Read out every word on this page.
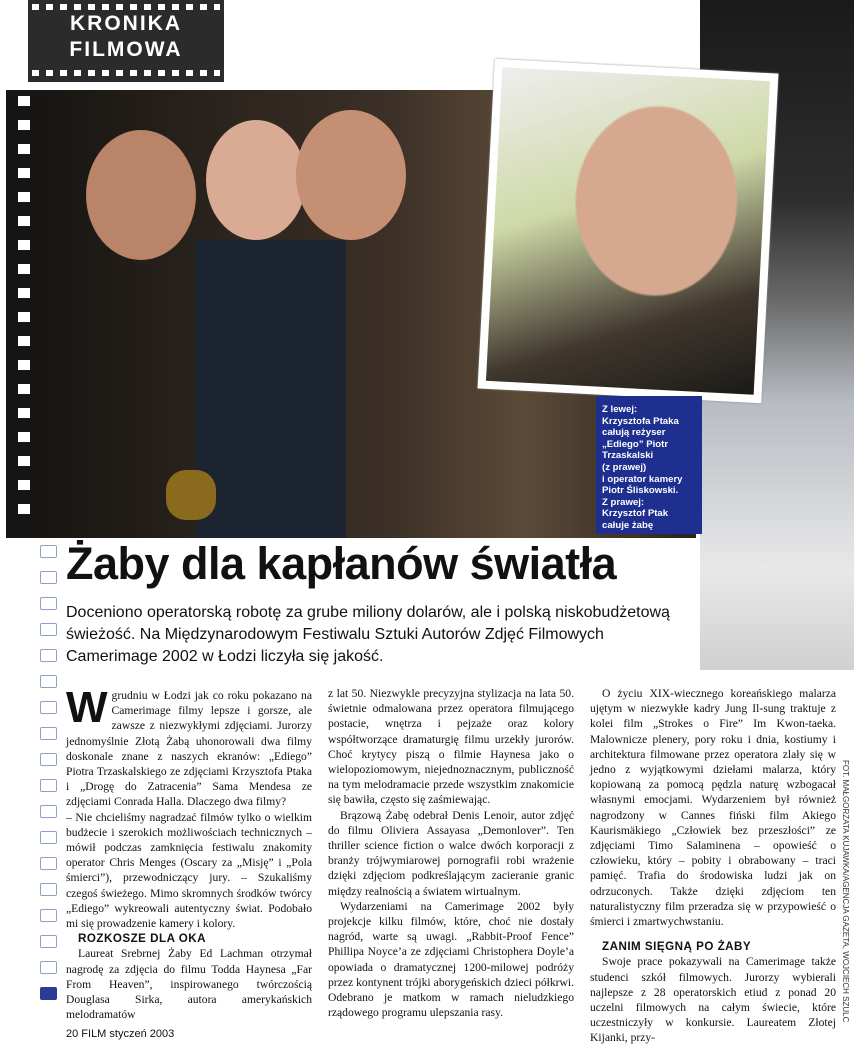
KRONIKA
FILMOWA
Z lewej:
Krzysztofa Ptaka
całują reżyser
„Ediego” Piotr
Trzaskalski
(z prawej)
i operator kamery
Piotr Śliskowski.
Z prawej:
Krzysztof Ptak
całuje żabę
Żaby dla kapłanów światła
Doceniono operatorską robotę za grube miliony dolarów, ale i polską niskobudżetową świeżość. Na Międzynarodowym Festiwalu Sztuki Autorów Zdjęć Filmowych Camerimage 2002 w Łodzi liczyła się jakość.

Wgrudniu w Łodzi jak co roku pokazano na Camerimage filmy lepsze i gorsze, ale zawsze z niezwykłymi zdjęciami. Jurorzy jednomyślnie Złotą Żabą uhonorowali dwa filmy doskonale znane z naszych ekranów: „Ediego” Piotra Trzaskalskiego ze zdjęciami Krzysztofa Ptaka i „Drogę do Zatracenia” Sama Mendesa ze zdjęciami Conrada Halla. Dlaczego dwa filmy?

– Nie chcieliśmy nagradzać filmów tylko o wielkim budżecie i szerokich możliwościach technicznych – mówił podczas zamknięcia festiwalu znakomity operator Chris Menges (Oscary za „Misję” i „Pola śmierci”), przewodniczący jury. – Szukaliśmy czegoś świeżego. Mimo skromnych środków twórcy „Ediego” wykreowali autentyczny świat. Podobało mi się prowadzenie kamery i kolory.

ROZKOSZE DLA OKA

Laureat Srebrnej Żaby Ed Lachman otrzymał nagrodę za zdjęcia do filmu Todda Haynesa „Far From Heaven”, inspirowanego twórczością Douglasa Sirka, autora amerykańskich melodramatów

z lat 50. Niezwykle precyzyjna stylizacja na lata 50. świetnie odmalowana przez operatora filmującego postacie, wnętrza i pejzaże oraz kolory współtworzące dramaturgię filmu urzekły jurorów. Choć krytycy piszą o filmie Haynesa jako o wielopoziomowym, niejednoznacznym, publiczność na tym melodramacie przede wszystkim znakomicie się bawiła, często się zaśmiewając.

Brązową Żabę odebrał Denis Lenoir, autor zdjęć do filmu Oliviera Assayasa „Demonlover”. Ten thriller science fiction o walce dwóch korporacji z branży trójwymiarowej pornografii robi wrażenie dzięki zdjęciom podkreślającym zacieranie granic między realnością a światem wirtualnym.

Wydarzeniami na Camerimage 2002 były projekcje kilku filmów, które, choć nie dostały nagród, warte są uwagi. „Rabbit-Proof Fence” Phillipa Noyce’a ze zdjęciami Christophera Doyle’a opowiada o dramatycznej 1200-milowej podróży przez kontynent trójki aborygeńskich dzieci półkrwi. Odebrano je matkom w ramach nieludzkiego rządowego programu ulepszania rasy.

O życiu XIX-wiecznego koreańskiego malarza ujętym w niezwykłe kadry Jung Il-sung traktuje z kolei film „Strokes o Fire” Im Kwon-taeka. Malownicze plenery, pory roku i dnia, kostiumy i architektura filmowane przez operatora zlały się w jedno z wyjątkowymi dziełami malarza, który kopiowaną za pomocą pędzla naturę wzbogacał własnymi emocjami. Wydarzeniem był również nagrodzony w Cannes fiński film Akiego Kaurismäkiego „Człowiek bez przeszłości” ze zdjęciami Timo Salaminena – opowieść o człowieku, który – pobity i obrabowany – traci pamięć. Trafia do środowiska ludzi jak on odrzuconych. Także dzięki zdjęciom ten naturalistyczny film przeradza się w przypowieść o śmierci i zmartwychwstaniu.

ZANIM SIĘGNĄ PO ŻABY

Swoje prace pokazywali na Camerimage także studenci szkół filmowych. Jurorzy wybierali najlepsze z 28 operatorskich etiud z ponad 20 uczelni filmowych na całym świecie, które uczestniczyły w konkursie. Laureatem Złotej Kijanki, przy-

FOT. MAŁGORZATA KUJAWKA/AGENCJA GAZETA, WOJCIECH SZULC
20 FILM styczeń 2003
